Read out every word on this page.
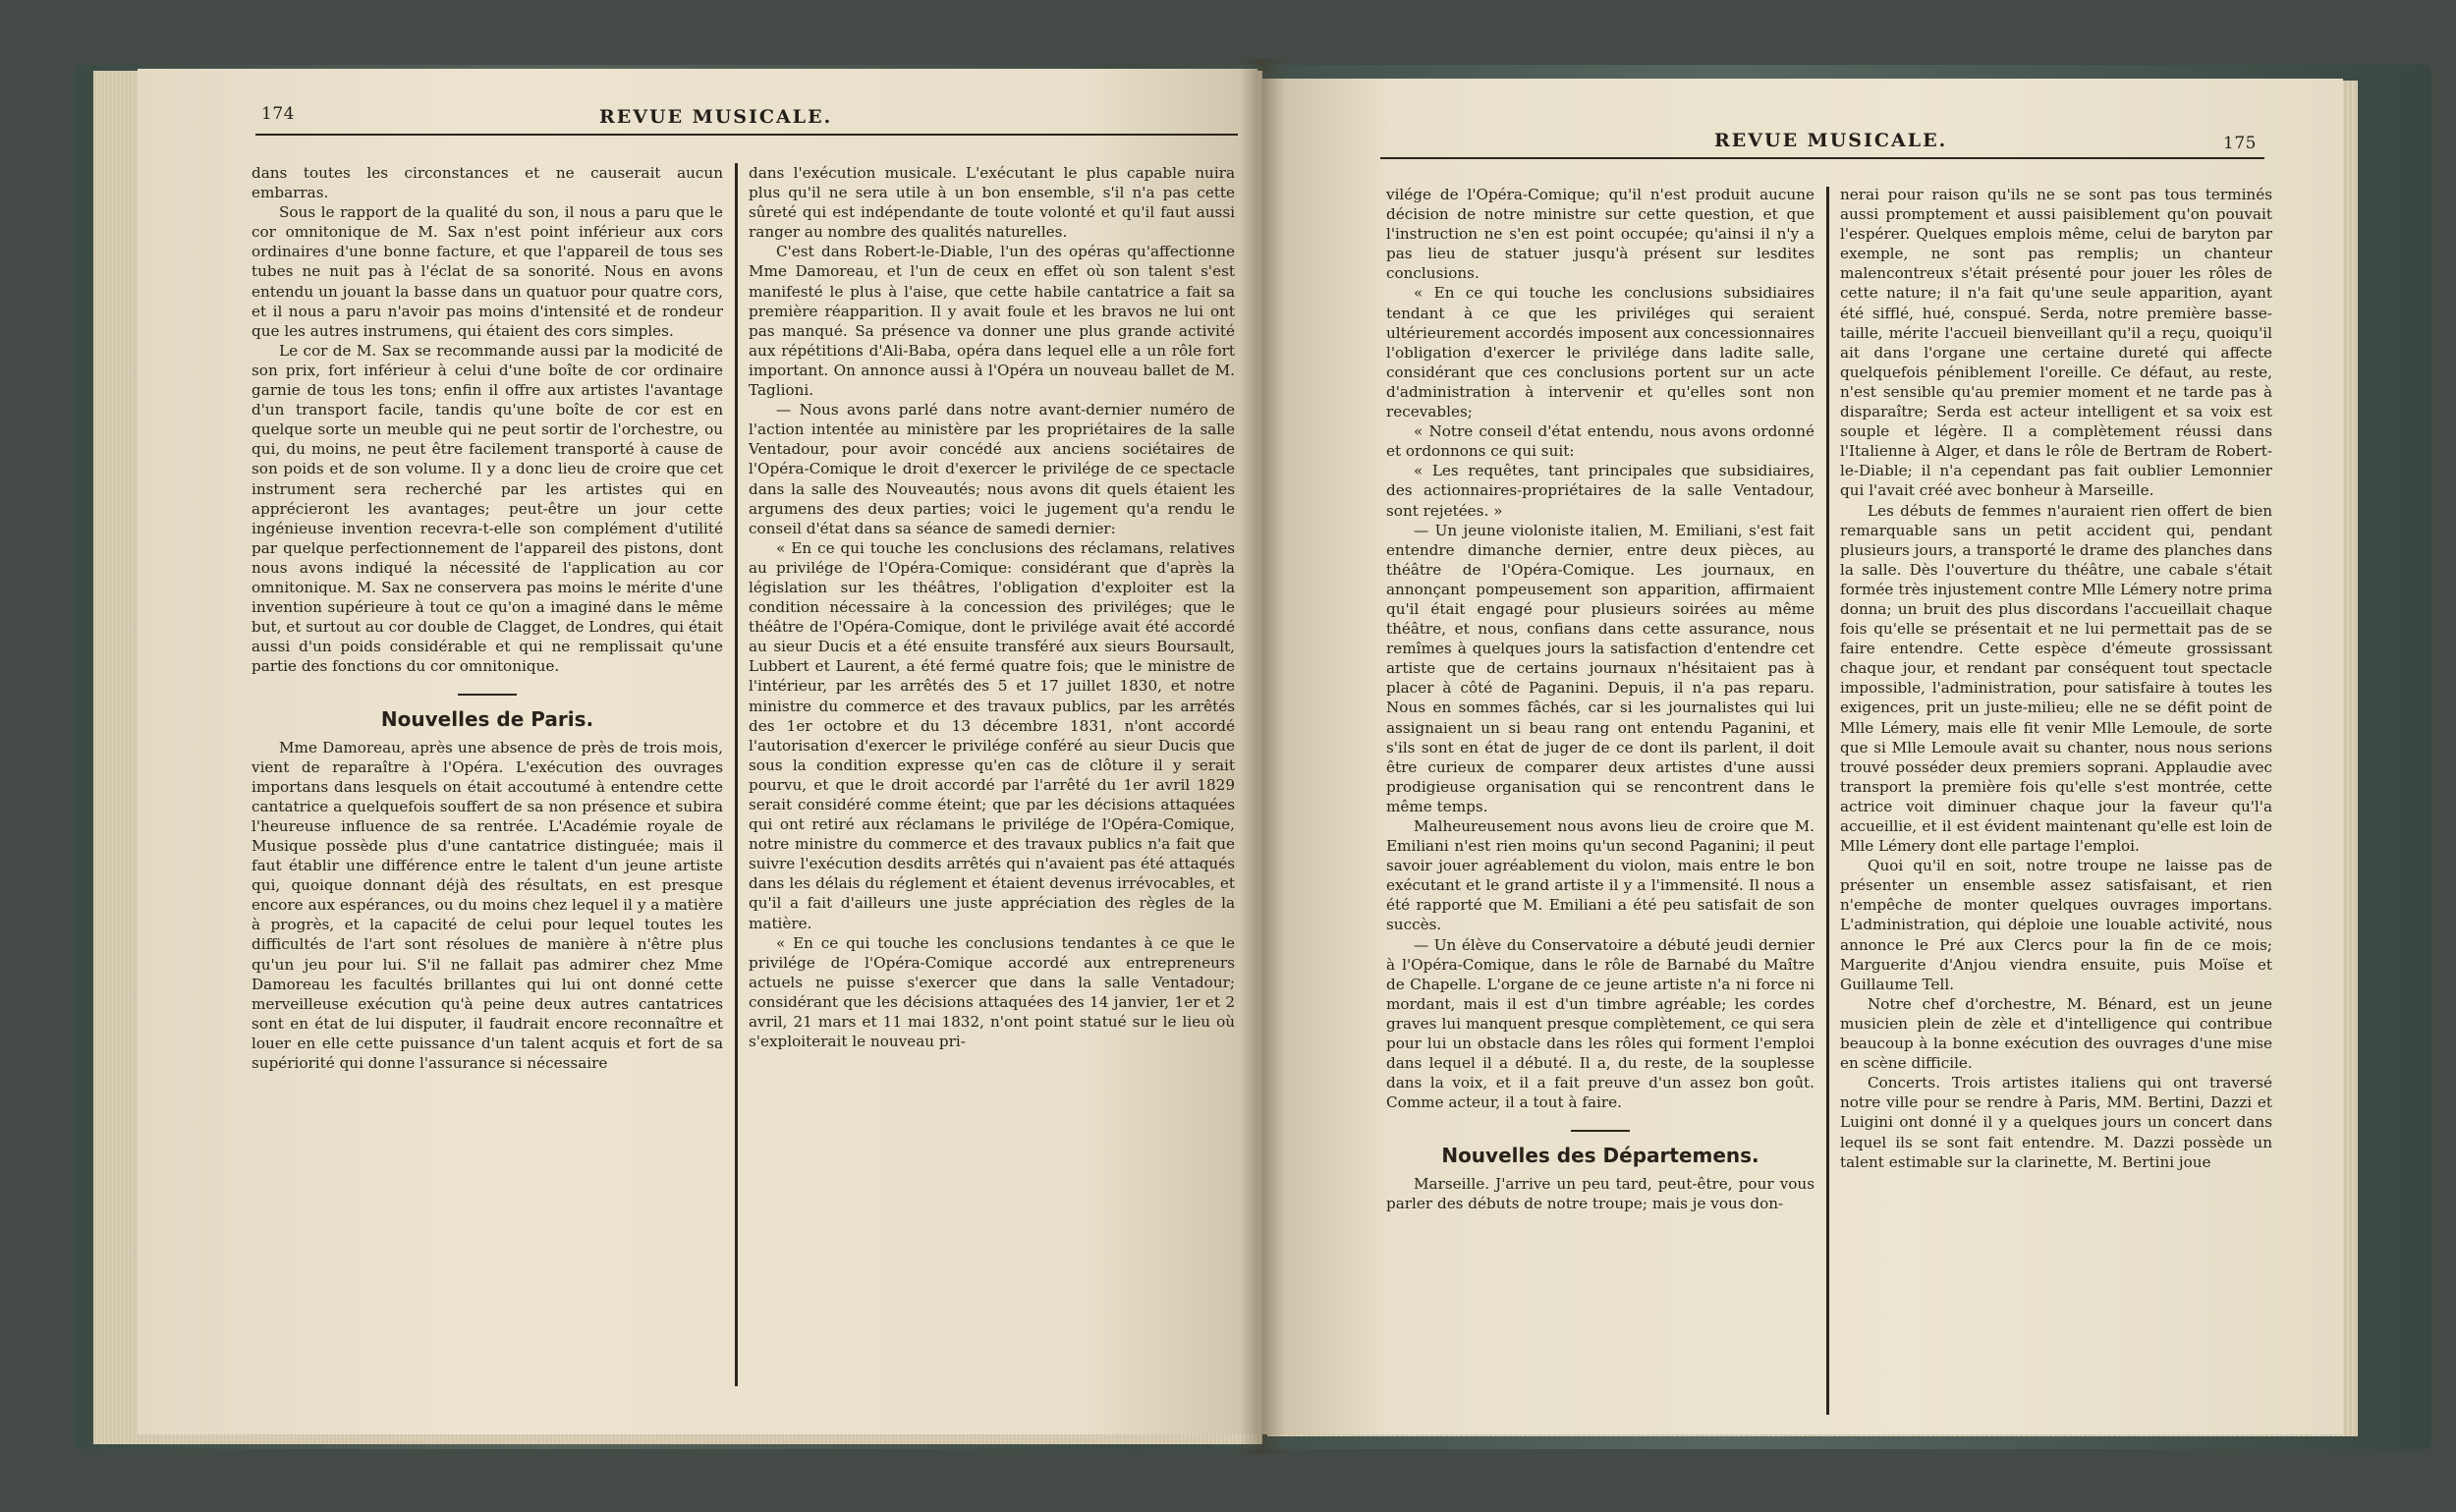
174	REVUE MUSICALE.

dans toutes les circonstances et ne causerait aucun embarras.

Sous le rapport de la qualité du son, il nous a paru que le cor omnitonique de M. Sax n'est point inférieur aux cors ordinaires d'une bonne facture, et que l'appareil de tous ses tubes ne nuit pas à l'éclat de sa sonorité. Nous en avons entendu un jouant la basse dans un quatuor pour quatre cors, et il nous a paru n'avoir pas moins d'intensité et de rondeur que les autres instrumens, qui étaient des cors simples.

Le cor de M. Sax se recommande aussi par la modicité de son prix, fort inférieur à celui d'une boîte de cor ordinaire garnie de tous les tons; enfin il offre aux artistes l'avantage d'un transport facile, tandis qu'une boîte de cor est en quelque sorte un meuble qui ne peut sortir de l'orchestre, ou qui, du moins, ne peut être facilement transporté à cause de son poids et de son volume. Il y a donc lieu de croire que cet instrument sera recherché par les artistes qui en apprécieront les avantages; peut-être un jour cette ingénieuse invention recevra-t-elle son complément d'utilité par quelque perfectionnement de l'appareil des pistons, dont nous avons indiqué la nécessité de l'application au cor omnitonique. M. Sax ne conservera pas moins le mérite d'une invention supérieure à tout ce qu'on a imaginé dans le même but, et surtout au cor double de Clagget, de Londres, qui était aussi d'un poids considérable et qui ne remplissait qu'une partie des fonctions du cor omnitonique.

Nouvelles de Paris.

Mme Damoreau, après une absence de près de trois mois, vient de reparaître à l'Opéra. L'exécution des ouvrages importans dans lesquels on était accoutumé à entendre cette cantatrice a quelquefois souffert de sa non présence et subira l'heureuse influence de sa rentrée. L'Académie royale de Musique possède plus d'une cantatrice distinguée; mais il faut établir une différence entre le talent d'un jeune artiste qui, quoique donnant déjà des résultats, en est presque encore aux espérances, ou du moins chez lequel il y a matière à progrès, et la capacité de celui pour lequel toutes les difficultés de l'art sont résolues de manière à n'être plus qu'un jeu pour lui. S'il ne fallait pas admirer chez Mme Damoreau les facultés brillantes qui lui ont donné cette merveilleuse exécution qu'à peine deux autres cantatrices sont en état de lui disputer, il faudrait encore reconnaître et louer en elle cette puissance d'un talent acquis et fort de sa supériorité qui donne l'assurance si nécessaire

dans l'exécution musicale. L'exécutant le plus capable nuira plus qu'il ne sera utile à un bon ensemble, s'il n'a pas cette sûreté qui est indépendante de toute volonté et qu'il faut aussi ranger au nombre des qualités naturelles.

C'est dans Robert-le-Diable, l'un des opéras qu'affectionne Mme Damoreau, et l'un de ceux en effet où son talent s'est manifesté le plus à l'aise, que cette habile cantatrice a fait sa première réapparition. Il y avait foule et les bravos ne lui ont pas manqué. Sa présence va donner une plus grande activité aux répétitions d'Ali-Baba, opéra dans lequel elle a un rôle fort important. On annonce aussi à l'Opéra un nouveau ballet de M. Taglioni.

— Nous avons parlé dans notre avant-dernier numéro de l'action intentée au ministère par les propriétaires de la salle Ventadour, pour avoir concédé aux anciens sociétaires de l'Opéra-Comique le droit d'exercer le privilége de ce spectacle dans la salle des Nouveautés; nous avons dit quels étaient les argumens des deux parties; voici le jugement qu'a rendu le conseil d'état dans sa séance de samedi dernier:

« En ce qui touche les conclusions des réclamans, relatives au privilége de l'Opéra-Comique: considérant que d'après la législation sur les théâtres, l'obligation d'exploiter est la condition nécessaire à la concession des priviléges; que le théâtre de l'Opéra-Comique, dont le privilége avait été accordé au sieur Ducis et a été ensuite transféré aux sieurs Boursault, Lubbert et Laurent, a été fermé quatre fois; que le ministre de l'intérieur, par les arrêtés des 5 et 17 juillet 1830, et notre ministre du commerce et des travaux publics, par les arrêtés des 1er octobre et du 13 décembre 1831, n'ont accordé l'autorisation d'exercer le privilége conféré au sieur Ducis que sous la condition expresse qu'en cas de clôture il y serait pourvu, et que le droit accordé par l'arrêté du 1er avril 1829 serait considéré comme éteint; que par les décisions attaquées qui ont retiré aux réclamans le privilége de l'Opéra-Comique, notre ministre du commerce et des travaux publics n'a fait que suivre l'exécution desdits arrêtés qui n'avaient pas été attaqués dans les délais du réglement et étaient devenus irrévocables, et qu'il a fait d'ailleurs une juste appréciation des règles de la matière.

« En ce qui touche les conclusions tendantes à ce que le privilége de l'Opéra-Comique accordé aux entrepreneurs actuels ne puisse s'exercer que dans la salle Ventadour; considérant que les décisions attaquées des 14 janvier, 1er et 2 avril, 21 mars et 11 mai 1832, n'ont point statué sur le lieu où s'exploiterait le nouveau pri-

REVUE MUSICALE.	175

vilége de l'Opéra-Comique; qu'il n'est produit aucune décision de notre ministre sur cette question, et que l'instruction ne s'en est point occupée; qu'ainsi il n'y a pas lieu de statuer jusqu'à présent sur lesdites conclusions.

« En ce qui touche les conclusions subsidiaires tendant à ce que les priviléges qui seraient ultérieurement accordés imposent aux concessionnaires l'obligation d'exercer le privilége dans ladite salle, considérant que ces conclusions portent sur un acte d'administration à intervenir et qu'elles sont non recevables;

« Notre conseil d'état entendu, nous avons ordonné et ordonnons ce qui suit:

« Les requêtes, tant principales que subsidiaires, des actionnaires-propriétaires de la salle Ventadour, sont rejetées. »

— Un jeune violoniste italien, M. Emiliani, s'est fait entendre dimanche dernier, entre deux pièces, au théâtre de l'Opéra-Comique. Les journaux, en annonçant pompeusement son apparition, affirmaient qu'il était engagé pour plusieurs soirées au même théâtre, et nous, confians dans cette assurance, nous remîmes à quelques jours la satisfaction d'entendre cet artiste que de certains journaux n'hésitaient pas à placer à côté de Paganini. Depuis, il n'a pas reparu. Nous en sommes fâchés, car si les journalistes qui lui assignaient un si beau rang ont entendu Paganini, et s'ils sont en état de juger de ce dont ils parlent, il doit être curieux de comparer deux artistes d'une aussi prodigieuse organisation qui se rencontrent dans le même temps.

Malheureusement nous avons lieu de croire que M. Emiliani n'est rien moins qu'un second Paganini; il peut savoir jouer agréablement du violon, mais entre le bon exécutant et le grand artiste il y a l'immensité. Il nous a été rapporté que M. Emiliani a été peu satisfait de son succès.

— Un élève du Conservatoire a débuté jeudi dernier à l'Opéra-Comique, dans le rôle de Barnabé du Maître de Chapelle. L'organe de ce jeune artiste n'a ni force ni mordant, mais il est d'un timbre agréable; les cordes graves lui manquent presque complètement, ce qui sera pour lui un obstacle dans les rôles qui forment l'emploi dans lequel il a débuté. Il a, du reste, de la souplesse dans la voix, et il a fait preuve d'un assez bon goût. Comme acteur, il a tout à faire.

Nouvelles des Départemens.

Marseille. J'arrive un peu tard, peut-être, pour vous parler des débuts de notre troupe; mais je vous don-

nerai pour raison qu'ils ne se sont pas tous terminés aussi promptement et aussi paisiblement qu'on pouvait l'espérer. Quelques emplois même, celui de baryton par exemple, ne sont pas remplis; un chanteur malencontreux s'était présenté pour jouer les rôles de cette nature; il n'a fait qu'une seule apparition, ayant été sifflé, hué, conspué. Serda, notre première basse-taille, mérite l'accueil bienveillant qu'il a reçu, quoiqu'il ait dans l'organe une certaine dureté qui affecte quelquefois péniblement l'oreille. Ce défaut, au reste, n'est sensible qu'au premier moment et ne tarde pas à disparaître; Serda est acteur intelligent et sa voix est souple et légère. Il a complètement réussi dans l'Italienne à Alger, et dans le rôle de Bertram de Robert-le-Diable; il n'a cependant pas fait oublier Lemonnier qui l'avait créé avec bonheur à Marseille.

Les débuts de femmes n'auraient rien offert de bien remarquable sans un petit accident qui, pendant plusieurs jours, a transporté le drame des planches dans la salle. Dès l'ouverture du théâtre, une cabale s'était formée très injustement contre Mlle Lémery notre prima donna; un bruit des plus discordans l'accueillait chaque fois qu'elle se présentait et ne lui permettait pas de se faire entendre. Cette espèce d'émeute grossissant chaque jour, et rendant par conséquent tout spectacle impossible, l'administration, pour satisfaire à toutes les exigences, prit un juste-milieu; elle ne se défit point de Mlle Lémery, mais elle fit venir Mlle Lemoule, de sorte que si Mlle Lemoule avait su chanter, nous nous serions trouvé posséder deux premiers soprani. Applaudie avec transport la première fois qu'elle s'est montrée, cette actrice voit diminuer chaque jour la faveur qu'l'a accueillie, et il est évident maintenant qu'elle est loin de Mlle Lémery dont elle partage l'emploi.

Quoi qu'il en soit, notre troupe ne laisse pas de présenter un ensemble assez satisfaisant, et rien n'empêche de monter quelques ouvrages importans. L'administration, qui déploie une louable activité, nous annonce le Pré aux Clercs pour la fin de ce mois; Marguerite d'Anjou viendra ensuite, puis Moïse et Guillaume Tell.

Notre chef d'orchestre, M. Bénard, est un jeune musicien plein de zèle et d'intelligence qui contribue beaucoup à la bonne exécution des ouvrages d'une mise en scène difficile.

Concerts. Trois artistes italiens qui ont traversé notre ville pour se rendre à Paris, MM. Bertini, Dazzi et Luigini ont donné il y a quelques jours un concert dans lequel ils se sont fait entendre. M. Dazzi possède un talent estimable sur la clarinette, M. Bertini joue
